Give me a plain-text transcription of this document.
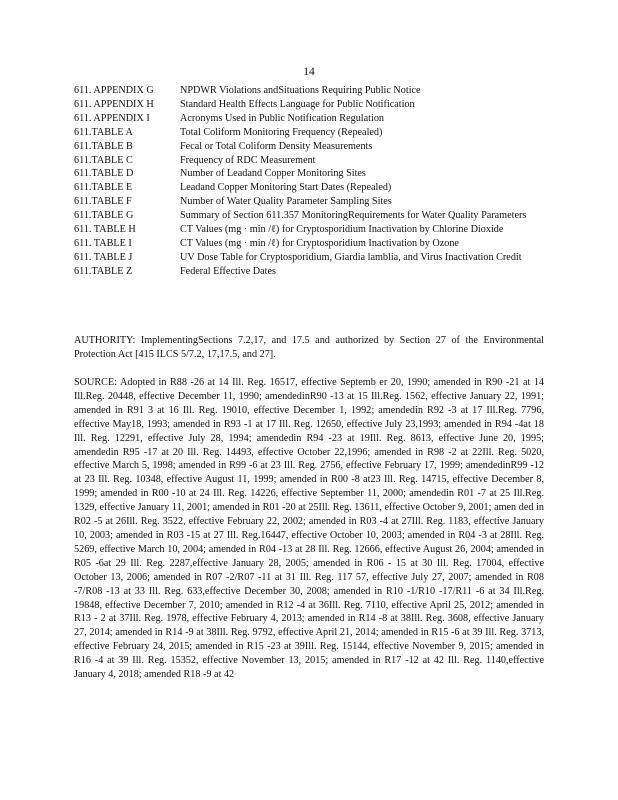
14
611. APPENDIX G	NPDWR Violations andSituations Requiring Public Notice
611. APPENDIX H	Standard Health Effects Language for Public Notification
611. APPENDIX I	Acronyms Used in Public Notification Regulation
611.TABLE A	Total Coliform Monitoring Frequency (Repealed)
611.TABLE B	Fecal or Total Coliform Density Measurements
611.TABLE C	Frequency of RDC Measurement
611.TABLE D	Number of Leadand Copper Monitoring Sites
611.TABLE E	Leadand Copper Monitoring Start Dates (Repealed)
611.TABLE F	Number of Water Quality Parameter Sampling Sites
611.TABLE G	Summary of Section 611.357 MonitoringRequirements for Water Quality Parameters
611. TABLE H	CT Values (mg · min /ℓ) for Cryptosporidium Inactivation by Chlorine Dioxide
611. TABLE I	CT Values (mg · min /ℓ) for Cryptosporidium Inactivation by Ozone
611. TABLE J	UV Dose Table for Cryptosporidium, Giardia lamblia, and Virus Inactivation Credit
611.TABLE Z	Federal Effective Dates
AUTHORITY: ImplementingSections 7.2,17, and 17.5 and authorized by Section 27 of the Environmental Protection Act [415 ILCS 5/7.2, 17,17.5, and 27].
SOURCE: Adopted in R88 -26 at 14 Ill. Reg. 16517, effective Septemb er 20, 1990; amended in R90 -21 at 14 Ill.Reg. 20448, effective December 11, 1990; amendedinR90 -13 at 15 Ill.Reg. 1562, effective January 22, 1991; amended in R91 3 at 16 Ill. Reg. 19010, effective December 1, 1992; amendedin R92 -3 at 17 Ill.Reg. 7796, effective May18, 1993; amended in R93 -1 at 17 Ill. Reg. 12650, effective July 23,1993; amended in R94 -4at 18 Ill. Reg. 12291, effective July 28, 1994; amendedin R94 -23 at 19Ill. Reg. 8613, effective June 20, 1995; amendedin R95 -17 at 20 Ill. Reg. 14493, effective October 22,1996; amended in R98 -2 at 22Ill. Reg. 5020, effective March 5, 1998; amended in R99 -6 at 23 Ill. Reg. 2756, effective February 17, 1999; amendedinR99 -12 at 23 Ill. Reg. 10348, effective August 11, 1999; amended in R00 -8 at23 Ill. Reg. 14715, effective December 8, 1999; amended in R00 -10 at 24 Ill. Reg. 14226, effective September 11, 2000; amendedin R01 -7 at 25 Ill.Reg. 1329, effective January 11, 2001; amended in R01 -20 at 25Ill. Reg. 13611, effective October 9, 2001; amen ded in R02 -5 at 26Ill. Reg. 3522, effective February 22, 2002; amended in R03 -4 at 27Ill. Reg. 1183, effective January 10, 2003; amended in R03 -15 at 27 Ill. Reg.16447, effective October 10, 2003; amended in R04 -3 at 28Ill. Reg. 5269, effective March 10, 2004; amended in R04 -13 at 28 Ill. Reg. 12666, effective August 26, 2004; amended in R05 -6at 29 Ill. Reg. 2287,effective January 28, 2005; amended in R06 - 15 at 30 Ill. Reg. 17004, effective October 13, 2006; amended in R07 -2/R07 -11 at 31 Ill. Reg. 117 57, effective July 27, 2007; amended in R08 -7/R08 -13 at 33 Ill. Reg. 633,effective December 30, 2008; amended in R10 -1/R10 -17/R11 -6 at 34 Ill.Reg. 19848, effective December 7, 2010; amended in R12 -4 at 36Ill. Reg. 7110, effective April 25, 2012; amended in R13 - 2 at 37Ill. Reg. 1978, effective February 4, 2013; amended in R14 -8 at 38Ill. Reg. 3608, effective January 27, 2014; amended in R14 -9 at 38Ill. Reg. 9792, effective April 21, 2014; amended in R15 -6 at 39 Ill. Reg. 3713, effective February 24, 2015; amended in R15 -23 at 39Ill. Reg. 15144, effective November 9, 2015; amended in R16 -4 at 39 Ill. Reg. 15352, effective November 13, 2015; amended in R17 -12 at 42 Ill. Reg. 1140,effective January 4, 2018; amended R18 -9 at 42
